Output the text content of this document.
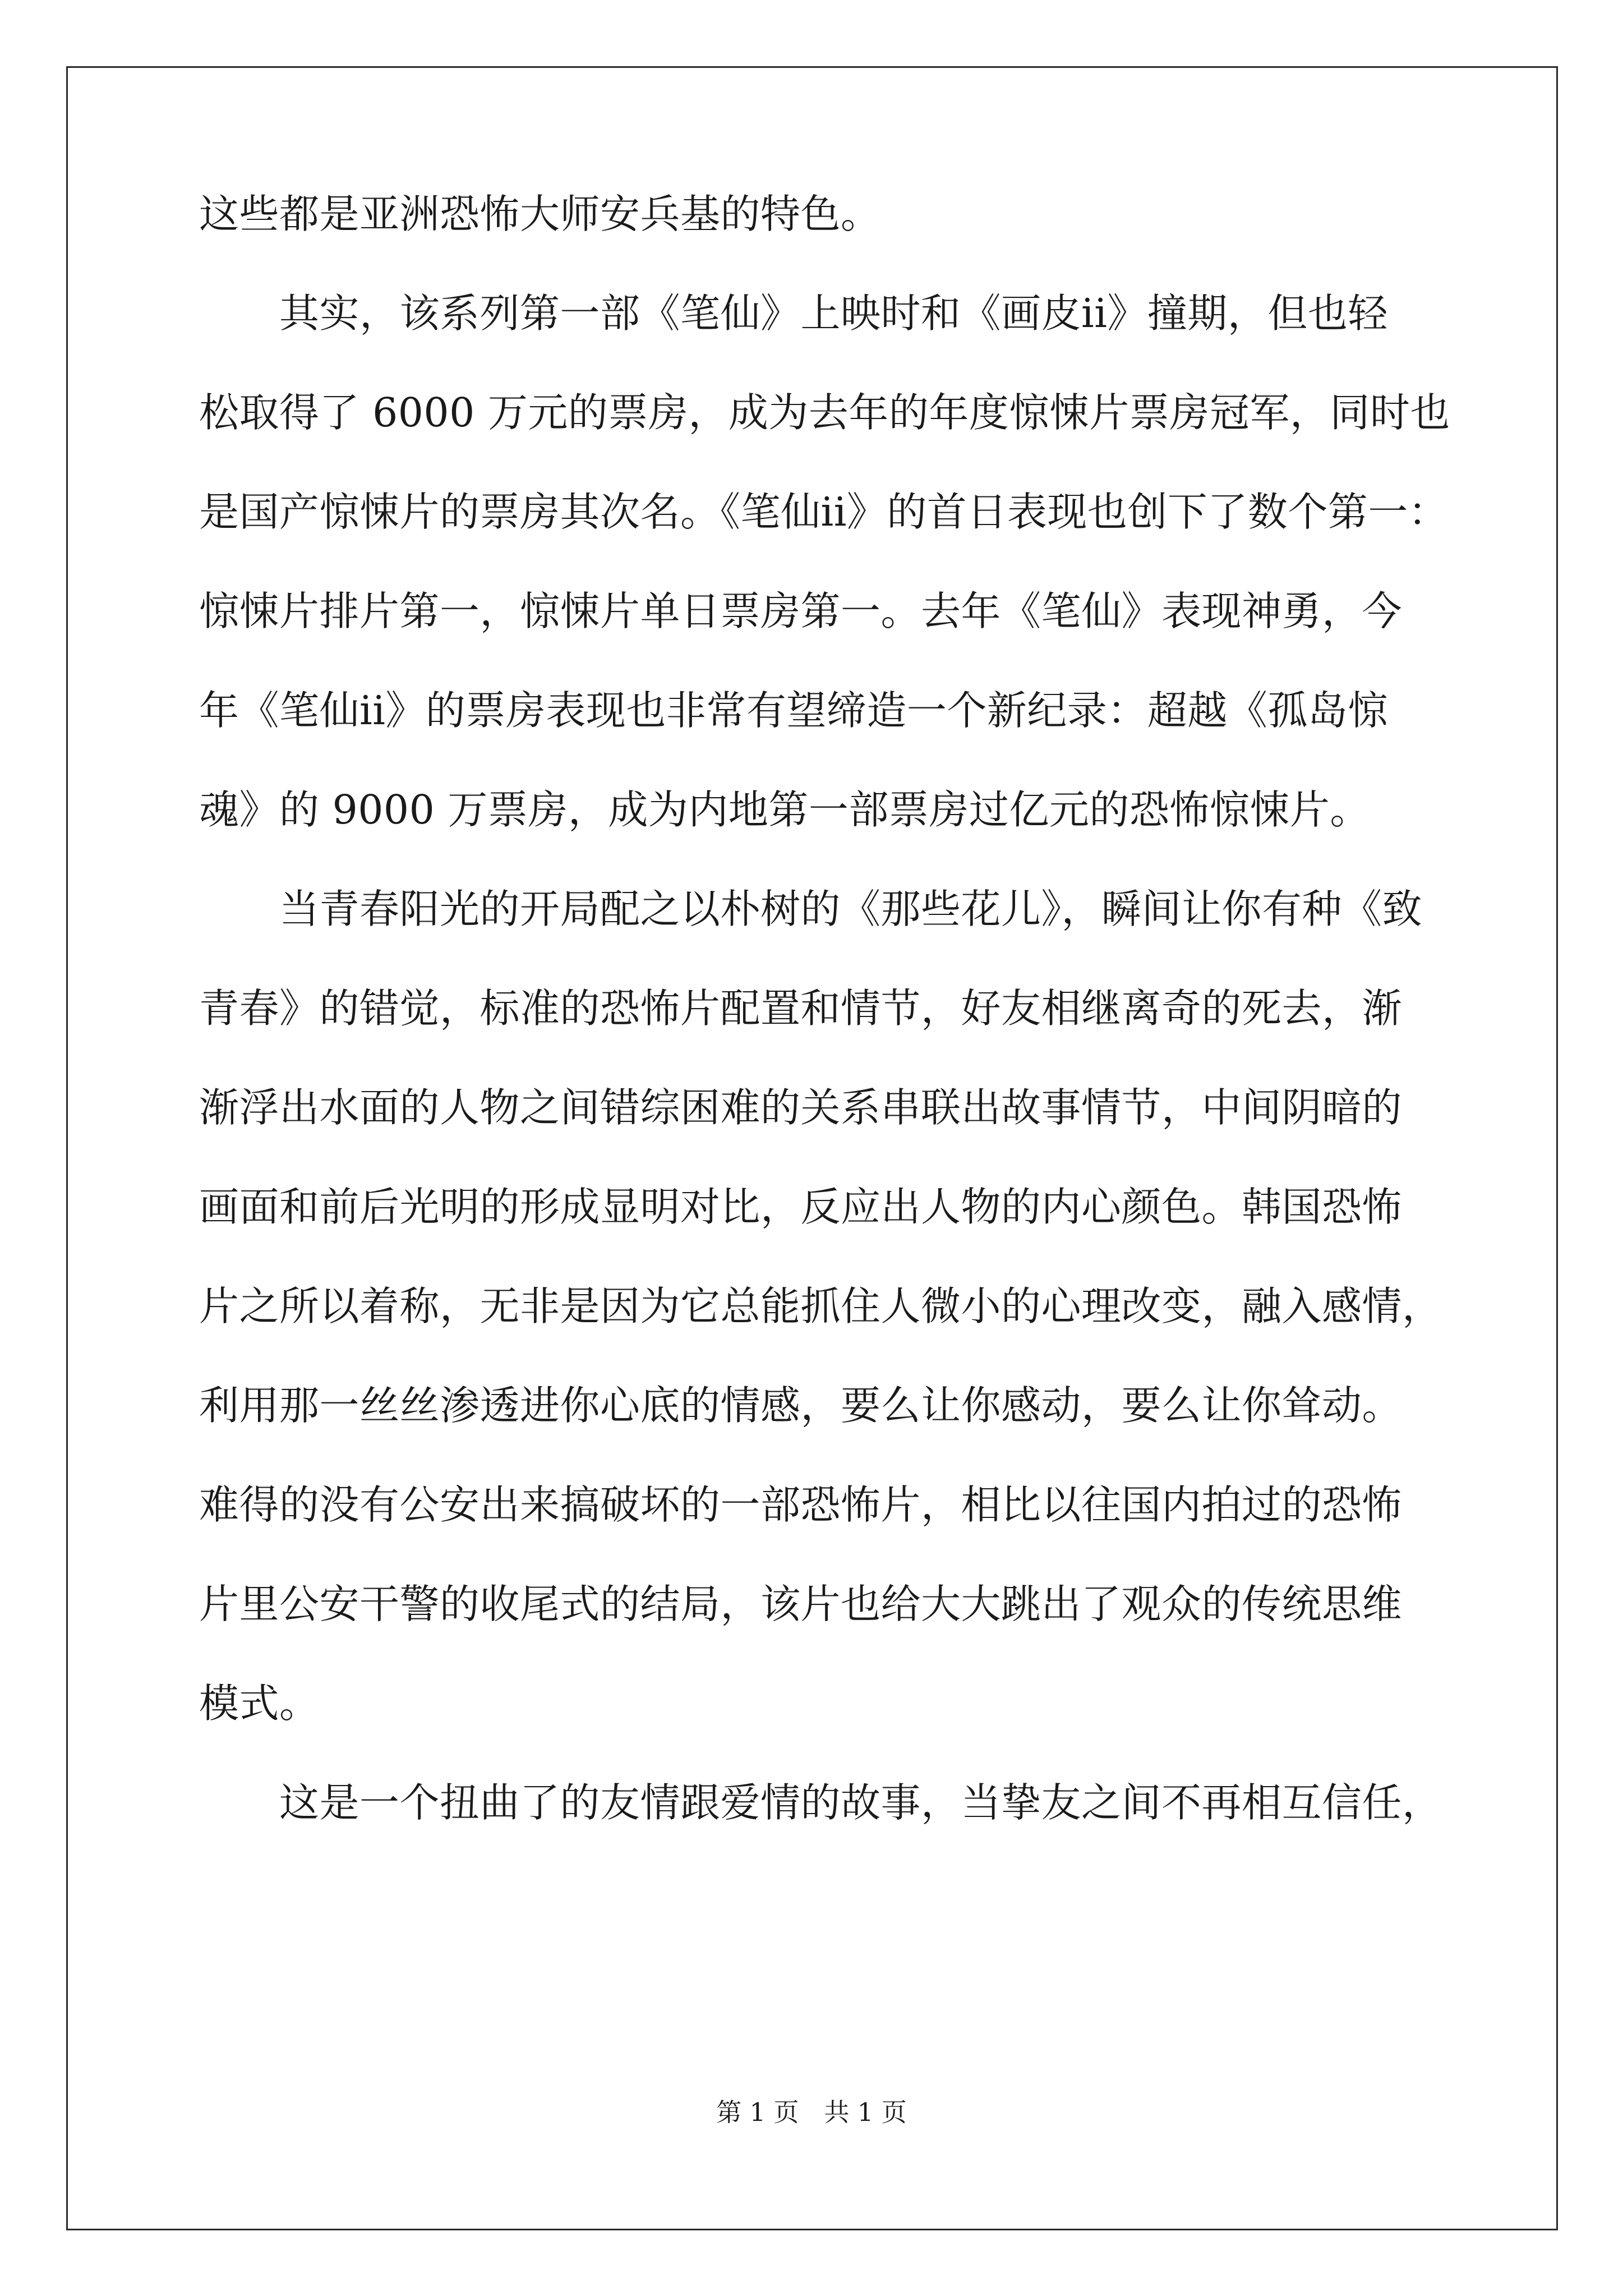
这些都是亚洲恐怖大师安兵基的特色。

　　其实，该系列第一部《笔仙》上映时和《画皮ii》撞期，但也轻

松取得了 6000 万元的票房，成为去年的年度惊悚片票房冠军，同时也

是国产惊悚片的票房其次名。《笔仙ii》的首日表现也创下了数个第一：

惊悚片排片第一，惊悚片单日票房第一。去年《笔仙》表现神勇，今

年《笔仙ii》的票房表现也非常有望缔造一个新纪录：超越《孤岛惊

魂》的 9000 万票房，成为内地第一部票房过亿元的恐怖惊悚片。

　　当青春阳光的开局配之以朴树的《那些花儿》，瞬间让你有种《致

青春》的错觉，标准的恐怖片配置和情节，好友相继离奇的死去，渐

渐浮出水面的人物之间错综困难的关系串联出故事情节，中间阴暗的

画面和前后光明的形成显明对比，反应出人物的内心颜色。韩国恐怖

片之所以着称，无非是因为它总能抓住人微小的心理改变，融入感情，

利用那一丝丝渗透进你心底的情感，要么让你感动，要么让你耸动。

难得的没有公安出来搞破坏的一部恐怖片，相比以往国内拍过的恐怖

片里公安干警的收尾式的结局，该片也给大大跳出了观众的传统思维

模式。

　　这是一个扭曲了的友情跟爱情的故事，当挚友之间不再相互信任，

第 1 页　共 1 页
